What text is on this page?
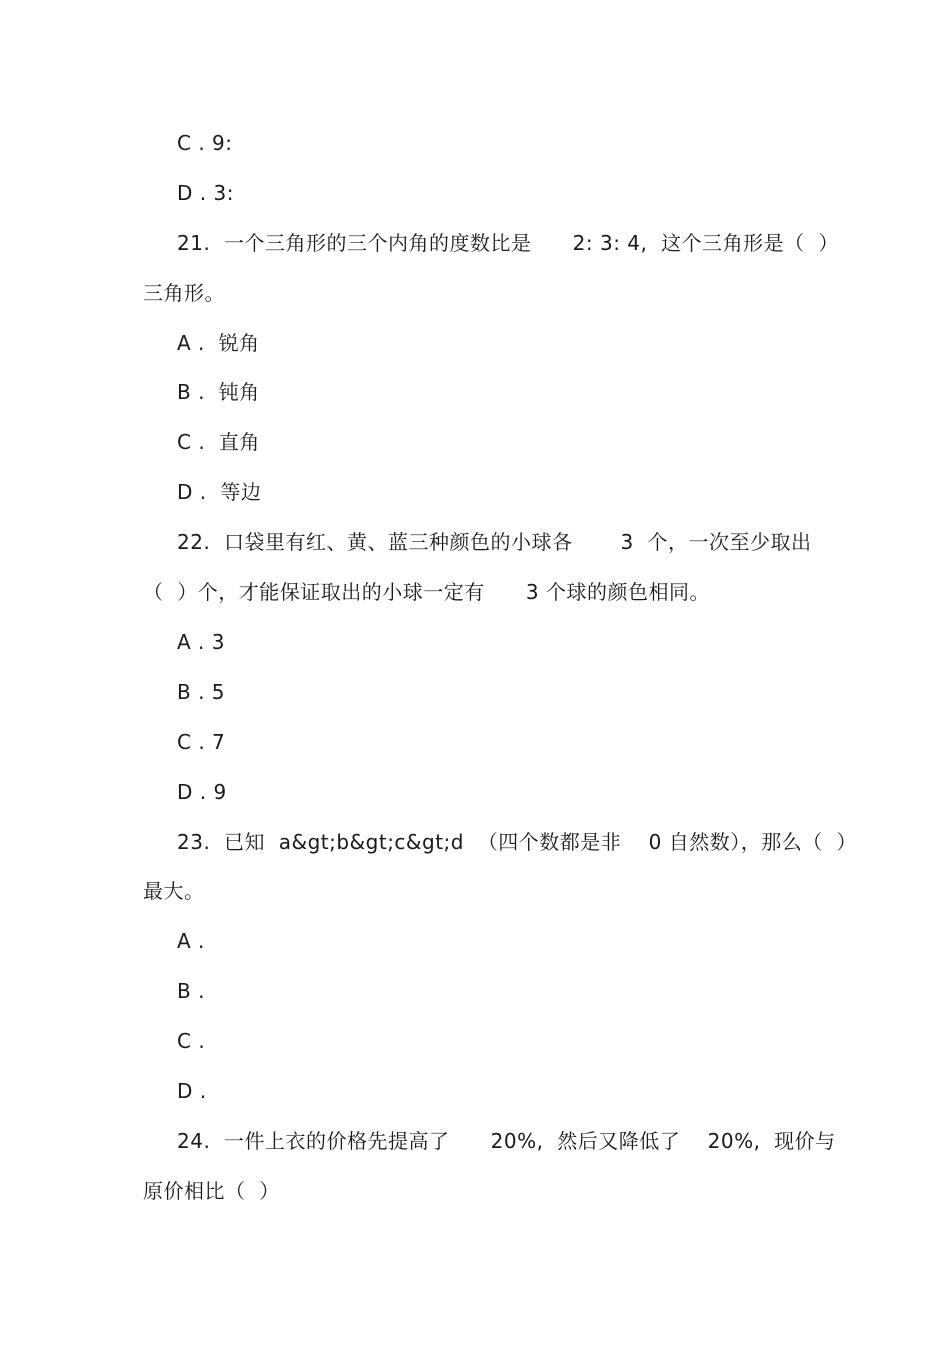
C . 9:
D . 3:
21.  一个三角形的三个内角的度数比是      2: 3: 4,  这个三角形是（  ）
三角形。
A .  锐角
B .  钝角
C .  直角
D .  等边
22.  口袋里有红、黄、蓝三种颜色的小球各       3  个，一次至少取出
（  ）个，才能保证取出的小球一定有      3 个球的颜色相同。
A . 3
B . 5
C . 7
D . 9
23.  已知  a&gt;b&gt;c&gt;d  （四个数都是非    0 自然数），那么（  ）
最大。
A .
B .
C .
D .
24.  一件上衣的价格先提高了      20%,  然后又降低了    20%,  现价与
原价相比（  ）
